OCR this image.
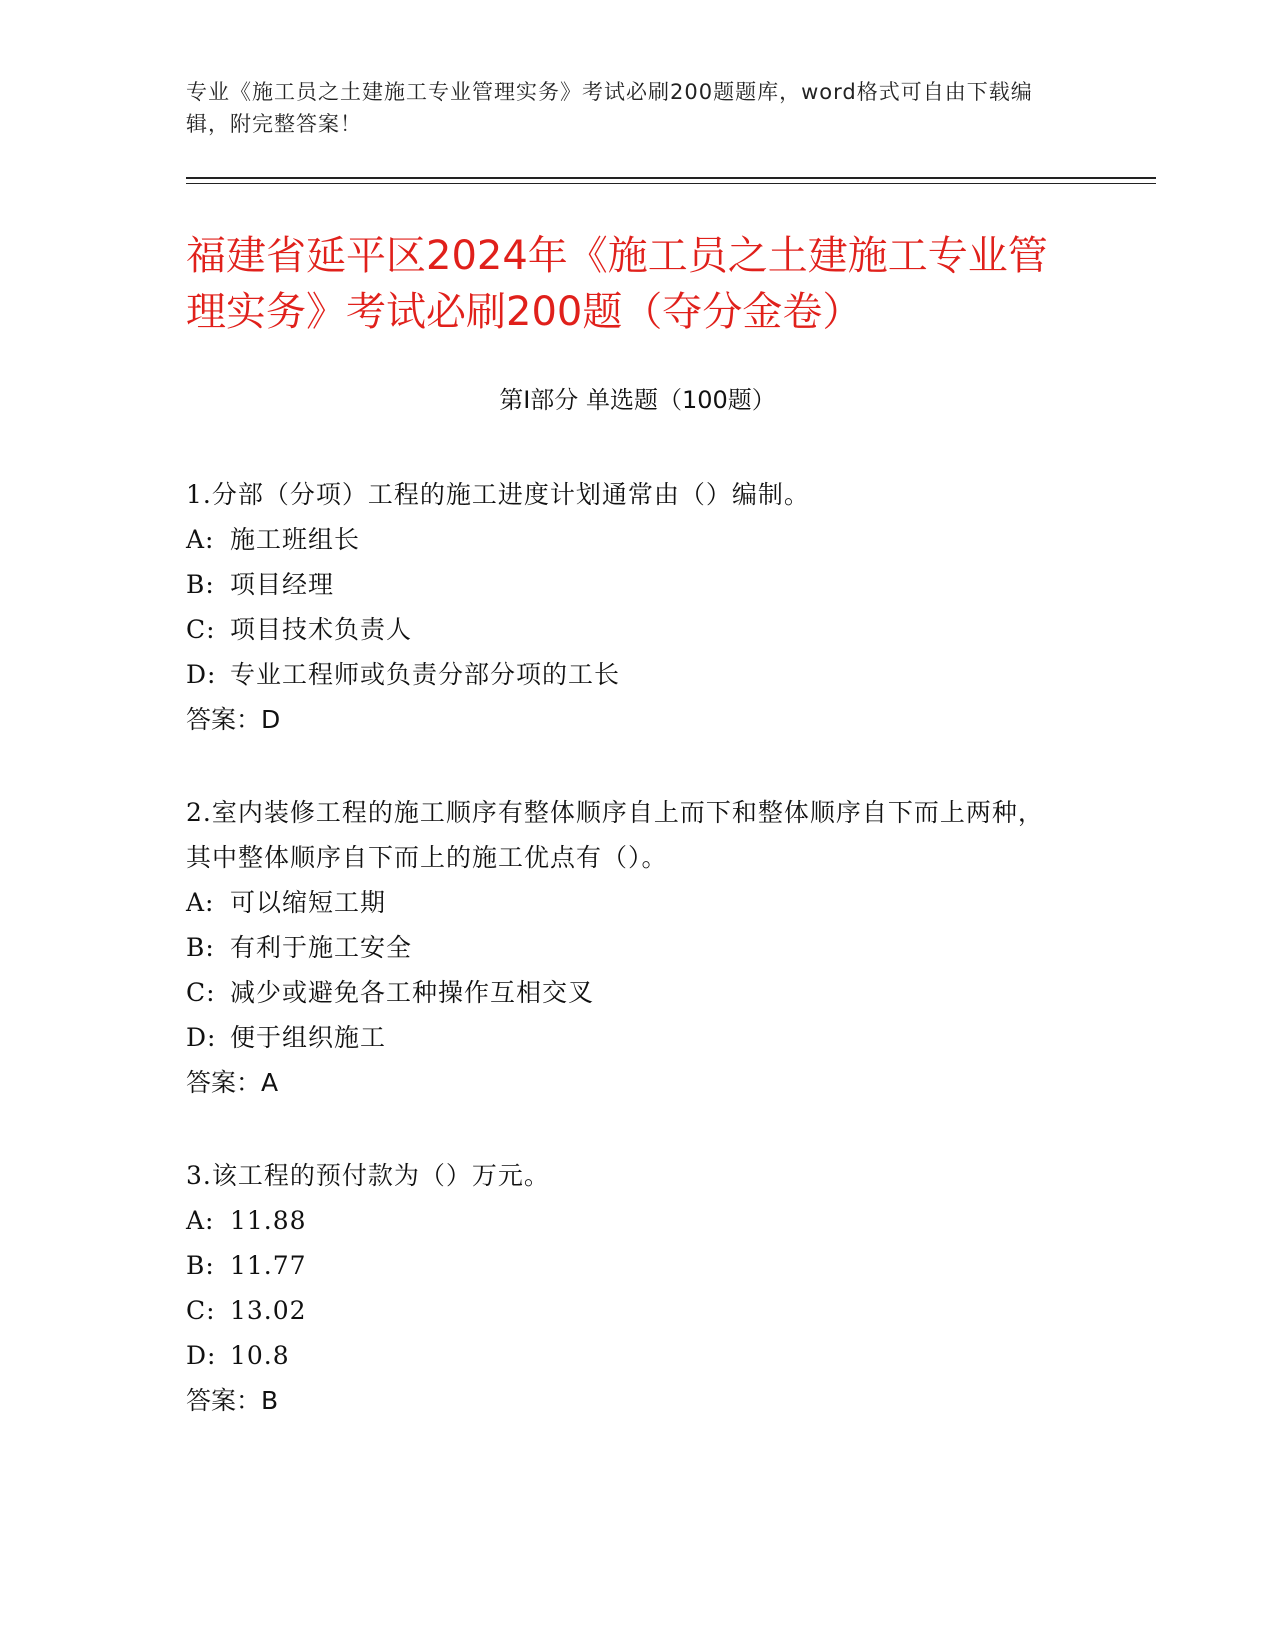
专业《施工员之土建施工专业管理实务》考试必刷200题题库，word格式可自由下载编辑，附完整答案！
福建省延平区2024年《施工员之土建施工专业管理实务》考试必刷200题（夺分金卷）
第Ⅰ部分 单选题（100题）

1.分部（分项）工程的施工进度计划通常由（）编制。

A: 施工班组长

B: 项目经理

C: 项目技术负责人

D: 专业工程师或负责分部分项的工长

答案：D

2.室内装修工程的施工顺序有整体顺序自上而下和整体顺序自下而上两种，其中整体顺序自下而上的施工优点有（）。

A: 可以缩短工期

B: 有利于施工安全

C: 减少或避免各工种操作互相交叉

D: 便于组织施工

答案：A

3.该工程的预付款为（）万元。

A: 11.88

B: 11.77

C: 13.02

D: 10.8

答案：B
